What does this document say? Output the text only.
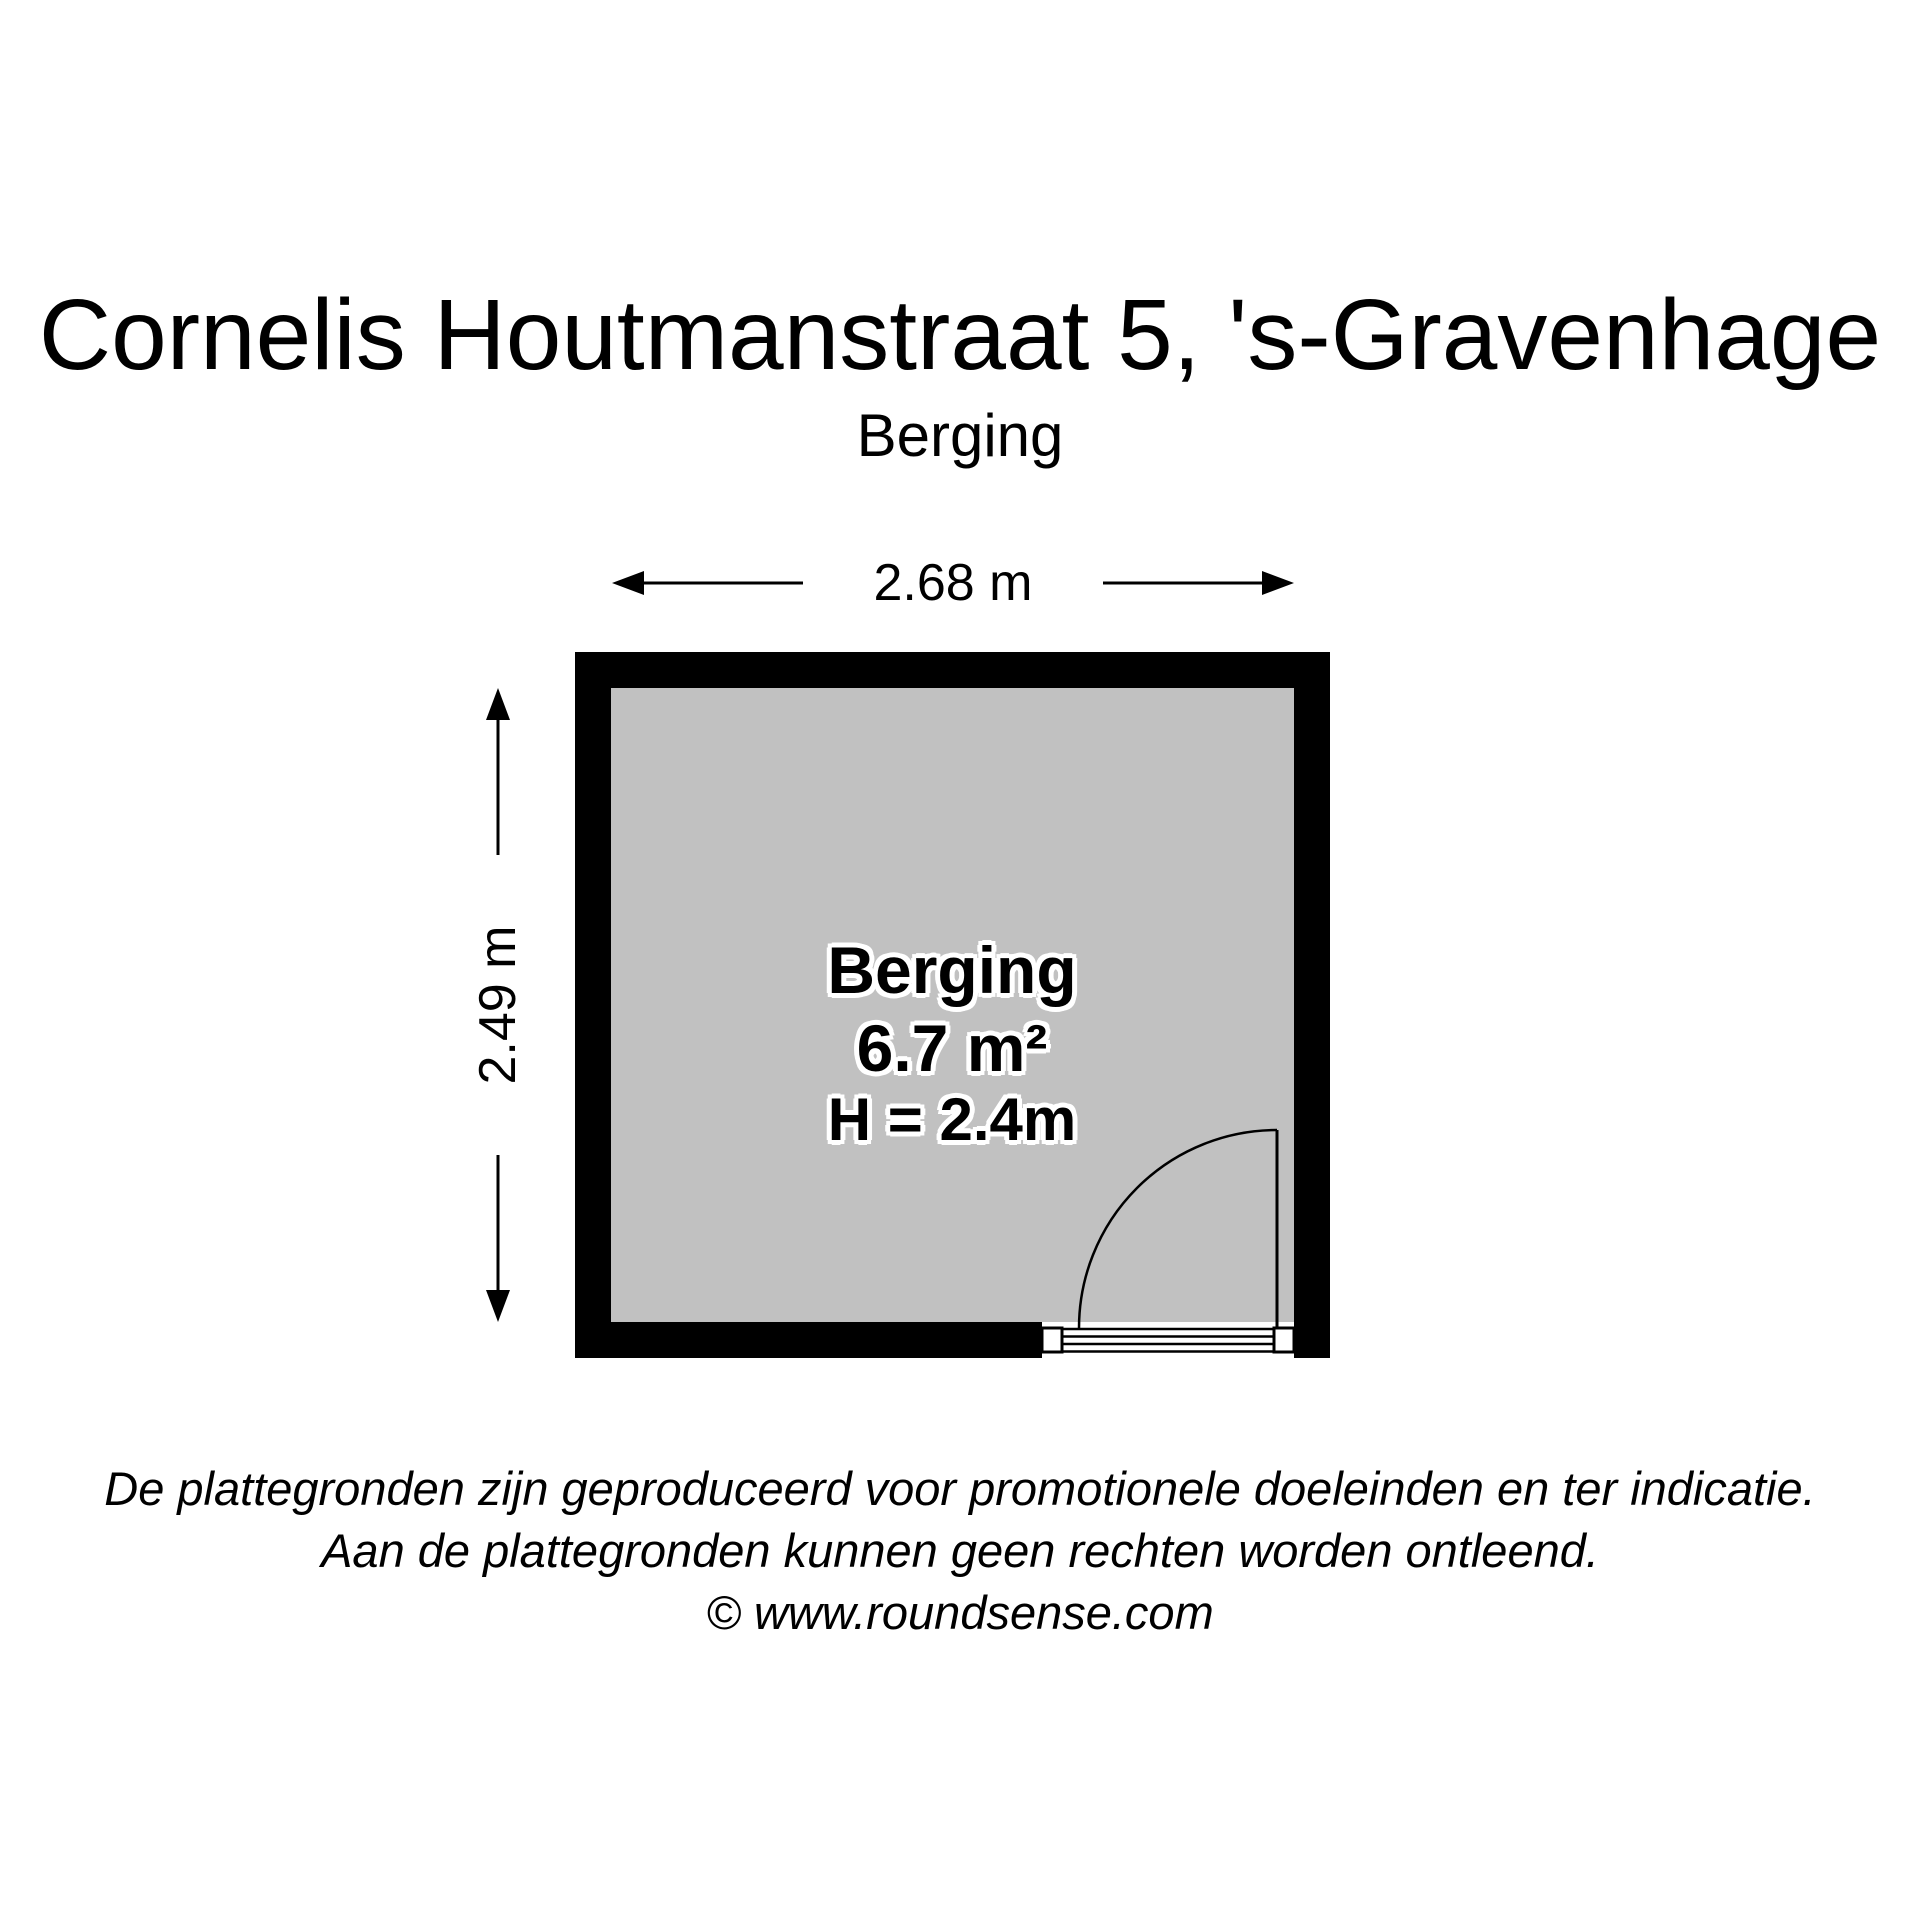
Cornelis Houtmanstraat 5, 's-Gravenhage
Berging
2.68 m
2.49 m	Berging
6.7 m²
H = 2.4m
De plattegronden zijn geproduceerd voor promotionele doeleinden en ter indicatie.
Aan de plattegronden kunnen geen rechten worden ontleend.
© www.roundsense.com
